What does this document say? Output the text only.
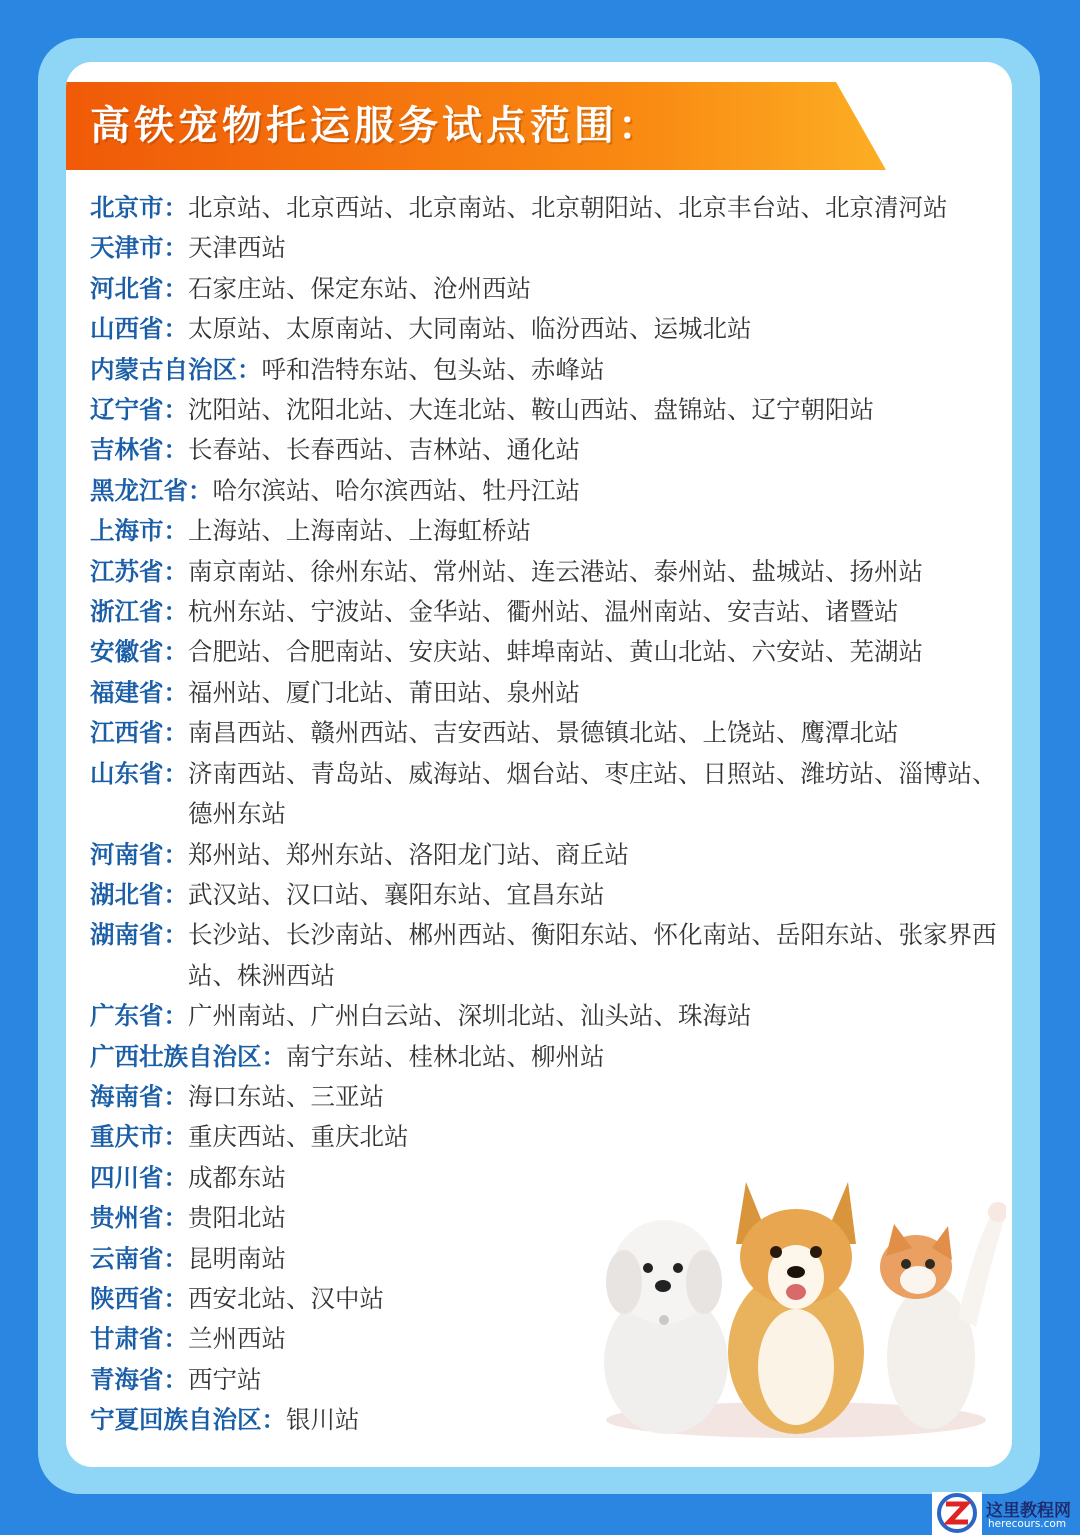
高铁宠物托运服务试点范围：
北京市： 北京站、北京西站、北京南站、北京朝阳站、北京丰台站、北京清河站
天津市： 天津西站
河北省： 石家庄站、保定东站、沧州西站
山西省： 太原站、太原南站、大同南站、临汾西站、运城北站
内蒙古自治区： 呼和浩特东站、包头站、赤峰站
辽宁省： 沈阳站、沈阳北站、大连北站、鞍山西站、盘锦站、辽宁朝阳站
吉林省： 长春站、长春西站、吉林站、通化站
黑龙江省： 哈尔滨站、哈尔滨西站、牡丹江站
上海市： 上海站、上海南站、上海虹桥站
江苏省： 南京南站、徐州东站、常州站、连云港站、泰州站、盐城站、扬州站
浙江省： 杭州东站、宁波站、金华站、衢州站、温州南站、安吉站、诸暨站
安徽省： 合肥站、合肥南站、安庆站、蚌埠南站、黄山北站、六安站、芜湖站
福建省： 福州站、厦门北站、莆田站、泉州站
江西省： 南昌西站、赣州西站、吉安西站、景德镇北站、上饶站、鹰潭北站
山东省： 济南西站、青岛站、威海站、烟台站、枣庄站、日照站、潍坊站、淄博站、德州东站
河南省： 郑州站、郑州东站、洛阳龙门站、商丘站
湖北省： 武汉站、汉口站、襄阳东站、宜昌东站
湖南省： 长沙站、长沙南站、郴州西站、衡阳东站、怀化南站、岳阳东站、张家界西站、株洲西站
广东省： 广州南站、广州白云站、深圳北站、汕头站、珠海站
广西壮族自治区： 南宁东站、桂林北站、柳州站
海南省： 海口东站、三亚站
重庆市： 重庆西站、重庆北站
四川省： 成都东站
贵州省： 贵阳北站
云南省： 昆明南站
陕西省： 西安北站、汉中站
甘肃省： 兰州西站
青海省： 西宁站
宁夏回族自治区： 银川站
这里教程网
herecours.com
